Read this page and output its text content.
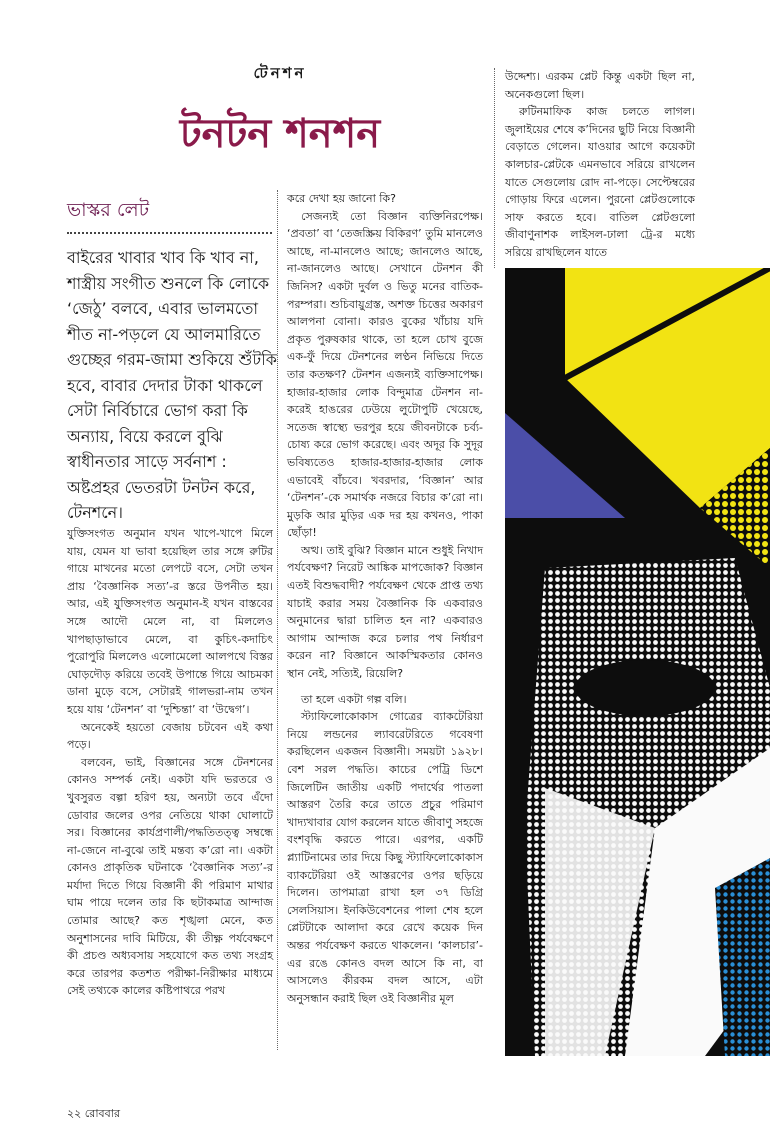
টেনশন
টনটন শনশন
ভাস্কর লেট
বাইরের খাবার খাব কি খাব না, শাস্ত্রীয় সংগীত শুনলে কি লোকে ‘জেঠু’ বলবে, এবার ভালমতো শীত না-পড়লে যে আলমারিতে গুচ্ছের গরম-জামা শুকিয়ে শুঁটকি হবে, বাবার দেদার টাকা থাকলে সেটা নির্বিচারে ভোগ করা কি অন্যায়, বিয়ে করলে বুঝি স্বাধীনতার সাড়ে সর্বনাশ : অষ্টপ্রহর ভেতরটা টনটন করে, টেনশনে।

যুক্তিসংগত অনুমান যখন খাপে-খাপে মিলে যায়, যেমন যা ভাবা হয়েছিল তার সঙ্গে রুটির গায়ে মাখনের মতো লেপটে বসে, সেটা তখন প্রায় ‘বৈজ্ঞানিক সত্য’-র স্তরে উপনীত হয়। আর, এই যুক্তিসংগত অনুমান-ই যখন বাস্তবের সঙ্গে আদৌ মেলে না, বা মিললেও খাপছাড়াভাবে মেলে, বা কুচিৎ-কদাচিৎ পুরোপুরি মিললেও এলোমেলো আলপথে বিস্তর ঘোড়দৌড় করিয়ে তবেই উপান্তে গিয়ে আচমকা ডানা মুড়ে বসে, সেটারই গালভরা-নাম তখন হয়ে যায় ‘টেনশন’ বা ‘দুশ্চিন্তা’ বা ‘উদ্বেগ’।

অনেকেই হয়তো বেজায় চটবেন এই কথা পড়ে।

বলবেন, ভাই, বিজ্ঞানের সঙ্গে টেনশনের কোনও সম্পর্ক নেই। একটা যদি ভরতরে ও খুবসুরত বল্গা হরিণ হয়, অন্যটা তবে এঁদো ডোবার জলের ওপর নেতিয়ে থাকা ঘোলাটে সর। বিজ্ঞানের কার্যপ্রণালী/পদ্ধতিতত্ত্ব সম্বন্ধে না-জেনে না-বুঝে তাই মন্তব্য ক’রো না। একটা কোনও প্রাকৃতিক ঘটনাকে ‘বৈজ্ঞানিক সত্য’-র মর্যাদা দিতে গিয়ে বিজ্ঞানী কী পরিমাণ মাথার ঘাম পায়ে দলেন তার কি ছটাকমাত্র আন্দাজ তোমার আছে? কত শৃঙ্খলা মেনে, কত অনুশাসনের দাবি মিটিয়ে, কী তীক্ষ্ণ পর্যবেক্ষণে কী প্রচণ্ড অধ্যবসায় সহযোগে কত তথ্য সংগ্রহ করে তারপর কতশত পরীক্ষা-নিরীক্ষার মাধ্যমে সেই তথ্যকে কালের কষ্টিপাথরে পরখ

করে দেখা হয় জানো কি?

সেজন্যই তো বিজ্ঞান ব্যক্তিনিরপেক্ষ। ‘প্রবতা’ বা ‘তেজস্ক্রিয় বিকিরণ’ তুমি মানলেও আছে, না-মানলেও আছে; জানলেও আছে, না-জানলেও আছে। সেখানে টেনশন কী জিনিস? একটা দুর্বল ও ভিতু মনের বাতিক-পরম্পরা। শুচিবায়ুগ্রস্ত, অশক্ত চিত্তের অকারণ আলপনা বোনা। কারও বুকের খাঁচায় যদি প্রকৃত পুরুষকার থাকে, তা হলে চোখ বুজে এক-ফুঁ দিয়ে টেনশনের লণ্ঠন নিভিয়ে দিতে তার কতক্ষণ? টেনশন এজন্যই ব্যক্তিসাপেক্ষ। হাজার-হাজার লোক বিন্দুমাত্র টেনশন না-করেই হাঙরের ঢেউয়ে লুটোপুটি খেয়েছে, সতেজ স্বাস্থ্যে ভরপুর হয়ে জীবনটাকে চর্ব্য-চোষ্য করে ভোগ করেছে। এবং অদূর কি সুদূর ভবিষ্যতেও হাজার-হাজার-হাজার লোক এভাবেই বাঁচবে। খবরদার, ‘বিজ্ঞান’ আর ‘টেনশন’-কে সমার্থক নজরে বিচার ক’রো না। মুড়কি আর মুড়ির এক দর হয় কখনও, পাকা ছোঁড়া!

অত্থ। তাই বুঝি? বিজ্ঞান মানে শুধুই নিখাদ পর্যবেক্ষণ? নিরেট আঙ্কিক মাপজোক? বিজ্ঞান এতই বিশুদ্ধবাদী? পর্যবেক্ষণ থেকে প্রাপ্ত তথ্য যাচাই করার সময় বৈজ্ঞানিক কি একবারও অনুমানের দ্বারা চালিত হন না? একবারও আগাম আন্দাজ করে চলার পথ নির্ধারণ করেন না? বিজ্ঞানে আকস্মিকতার কোনও স্থান নেই, সত্যিই, রিয়েলি?

তা হলে একটা গল্প বলি।

স্ট্যাফিলোকোকাস গোত্রের ব্যাকটেরিয়া নিয়ে লন্ডনের ল্যাবরেটরিতে গবেষণা করছিলেন একজন বিজ্ঞানী। সময়টা ১৯২৮। বেশ সরল পদ্ধতি। কাচের পেট্রি ডিশে জিলেটিন জাতীয় একটি পদার্থের পাতলা আস্তরণ তৈরি করে তাতে প্রচুর পরিমাণ খাদ্যখাবার যোগ করলেন যাতে জীবাণু সহজে বংশবৃদ্ধি করতে পারে। এরপর, একটি প্ল্যাটিনামের তার দিয়ে কিছু স্ট্যাফিলোকোকাস ব্যাকটেরিয়া ওই আস্তরণের ওপর ছড়িয়ে দিলেন। তাপমাত্রা রাখা হল ৩৭ ডিগ্রি সেলসিয়াস। ইনকিউবেশনের পালা শেষ হলে প্লেটটাকে আলাদা করে রেখে কয়েক দিন অন্তর পর্যবেক্ষণ করতে থাকলেন। ‘কালচার’-এর রঙে কোনও বদল আসে কি না, বা আসলেও কীরকম বদল আসে, এটা অনুসন্ধান করাই ছিল ওই বিজ্ঞানীর মূল

উদ্দেশ্য। এরকম প্লেট কিন্তু একটা ছিল না, অনেকগুলো ছিল।

রুটিনমাফিক কাজ চলতে লাগল। জুলাইয়ের শেষে ক’দিনের ছুটি নিয়ে বিজ্ঞানী বেড়াতে গেলেন। যাওয়ার আগে কয়েকটা কালচার-প্লেটকে এমনভাবে সরিয়ে রাখলেন যাতে সেগুলোয় রোদ না-পড়ে। সেপ্টেম্বরের গোড়ায় ফিরে এলেন। পুরনো প্লেটগুলোকে সাফ করতে হবে। বাতিল প্লেটগুলো জীবাণুনাশক লাইসল-ঢালা ট্রে-র মধ্যে সরিয়ে রাখছিলেন যাতে

২২ রোববার
